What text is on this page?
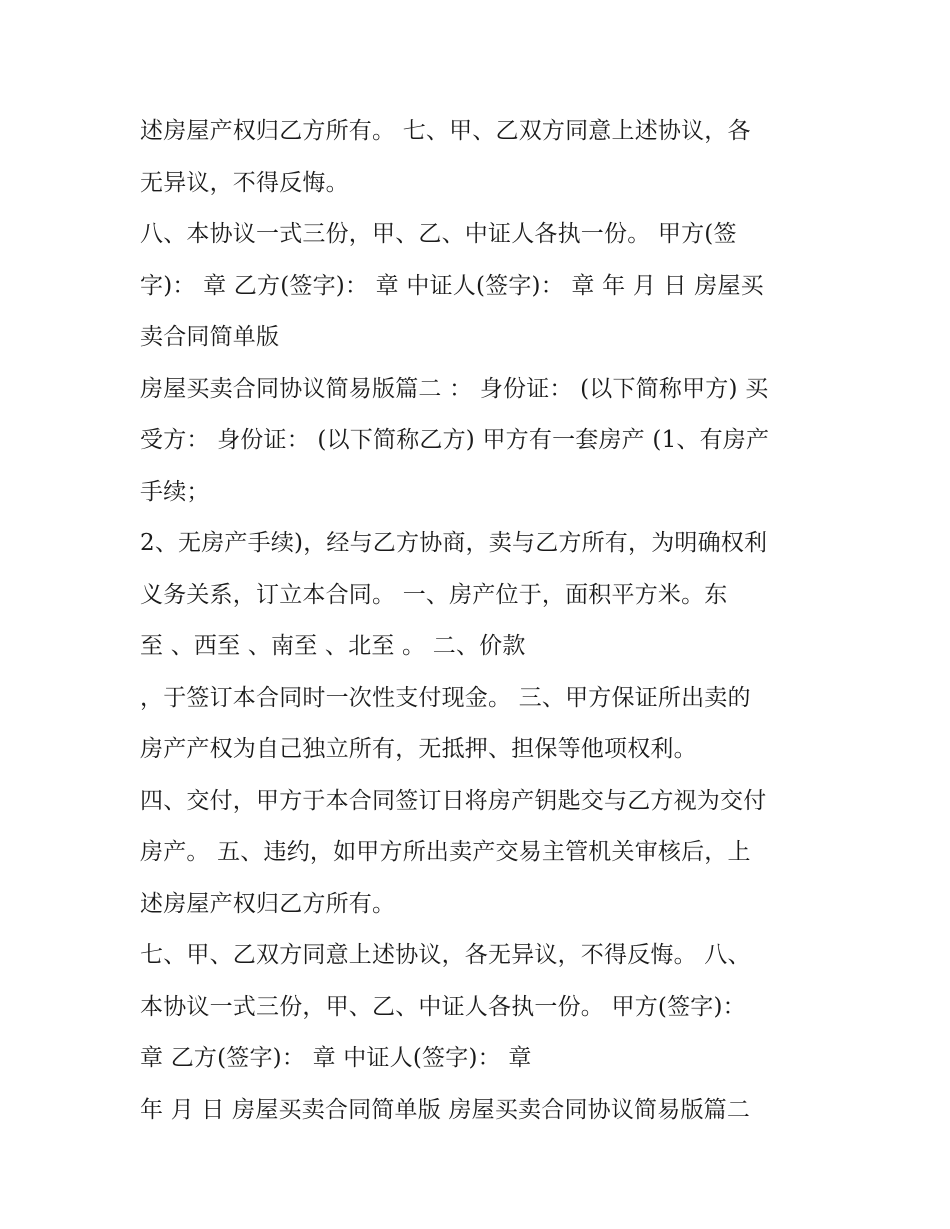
述房屋产权归乙方所有。 七、甲、乙双方同意上述协议，各
无异议，不得反悔。
八、本协议一式三份，甲、乙、中证人各执一份。 甲方(签
字)： 章 乙方(签字)： 章 中证人(签字)： 章 年 月 日 房屋买
卖合同简单版
房屋买卖合同协议简易版篇二 ： 身份证： (以下简称甲方) 买
受方： 身份证： (以下简称乙方) 甲方有一套房产 (1、有房产
手续；
2、无房产手续)，经与乙方协商，卖与乙方所有，为明确权利
义务关系，订立本合同。 一、房产位于，面积平方米。东
至 、西至 、南至 、北至 。 二、价款
，于签订本合同时一次性支付现金。 三、甲方保证所出卖的
房产产权为自己独立所有，无抵押、担保等他项权利。
四、交付，甲方于本合同签订日将房产钥匙交与乙方视为交付
房产。 五、违约，如甲方所出卖产交易主管机关审核后，上
述房屋产权归乙方所有。
七、甲、乙双方同意上述协议，各无异议，不得反悔。 八、
本协议一式三份，甲、乙、中证人各执一份。 甲方(签字)：
章 乙方(签字)： 章 中证人(签字)： 章
年 月 日 房屋买卖合同简单版 房屋买卖合同协议简易版篇二
